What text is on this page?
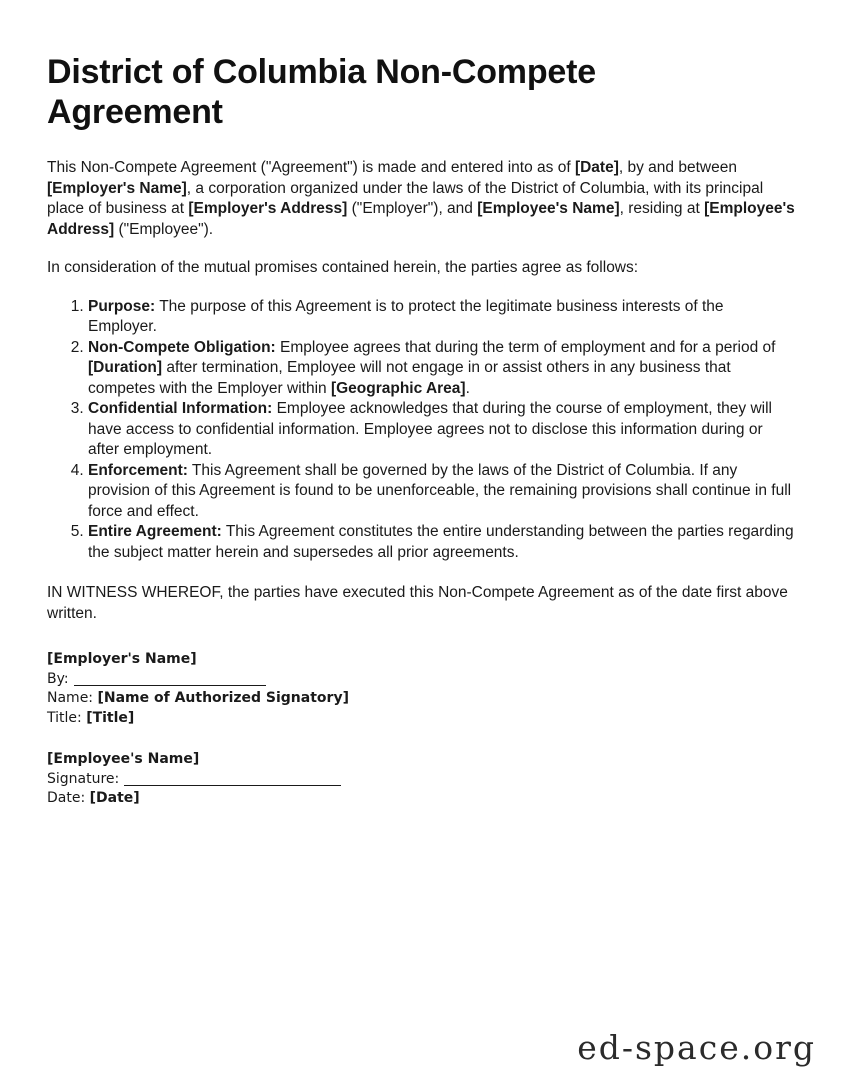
District of Columbia Non-Compete Agreement

This Non-Compete Agreement ("Agreement") is made and entered into as of [Date], by and between [Employer's Name], a corporation organized under the laws of the District of Columbia, with its principal place of business at [Employer's Address] ("Employer"), and [Employee's Name], residing at [Employee's Address] ("Employee").

In consideration of the mutual promises contained herein, the parties agree as follows:

1. Purpose: The purpose of this Agreement is to protect the legitimate business interests of the Employer.
2. Non-Compete Obligation: Employee agrees that during the term of employment and for a period of [Duration] after termination, Employee will not engage in or assist others in any business that competes with the Employer within [Geographic Area].
3. Confidential Information: Employee acknowledges that during the course of employment, they will have access to confidential information. Employee agrees not to disclose this information during or after employment.
4. Enforcement: This Agreement shall be governed by the laws of the District of Columbia. If any provision of this Agreement is found to be unenforceable, the remaining provisions shall continue in full force and effect.
5. Entire Agreement: This Agreement constitutes the entire understanding between the parties regarding the subject matter herein and supersedes all prior agreements.

IN WITNESS WHEREOF, the parties have executed this Non-Compete Agreement as of the date first above written.

[Employer's Name]
By:
Name: [Name of Authorized Signatory]
Title: [Title]
[Employee's Name]
Signature:
Date: [Date]
ed-space.org
